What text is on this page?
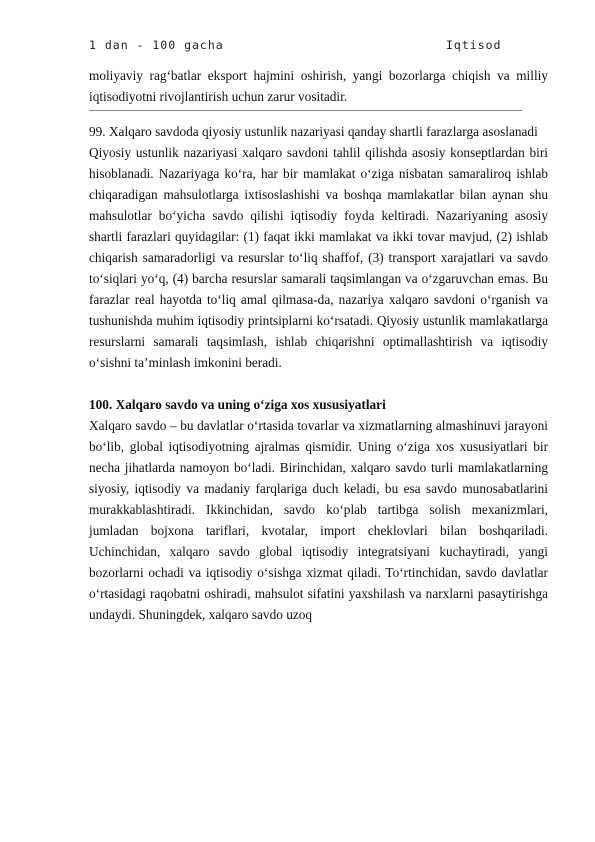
1 dan - 100 gacha	Iqtisod

moliyaviy rag‘batlar eksport hajmini oshirish, yangi bozorlarga chiqish va milliy iqtisodiyotni rivojlantirish uchun zarur vositadir.

99. Xalqaro savdoda qiyosiy ustunlik nazariyasi qanday shartli farazlarga asoslanadi

Qiyosiy ustunlik nazariyasi xalqaro savdoni tahlil qilishda asosiy konseptlardan biri hisoblanadi. Nazariyaga ko‘ra, har bir mamlakat o‘ziga nisbatan samaraliroq ishlab chiqaradigan mahsulotlarga ixtisoslashishi va boshqa mamlakatlar bilan aynan shu mahsulotlar bo‘yicha savdo qilishi iqtisodiy foyda keltiradi. Nazariyaning asosiy shartli farazlari quyidagilar: (1) faqat ikki mamlakat va ikki tovar mavjud, (2) ishlab chiqarish samaradorligi va resurslar to‘liq shaffof, (3) transport xarajatlari va savdo to‘siqlari yo‘q, (4) barcha resurslar samarali taqsimlangan va o‘zgaruvchan emas. Bu farazlar real hayotda to‘liq amal qilmasa-da, nazariya xalqaro savdoni o‘rganish va tushunishda muhim iqtisodiy printsiplarni ko‘rsatadi. Qiyosiy ustunlik mamlakatlarga resurslarni samarali taqsimlash, ishlab chiqarishni optimallashtirish va iqtisodiy o‘sishni ta’minlash imkonini beradi.

100. Xalqaro savdo va uning o‘ziga xos xususiyatlari

Xalqaro savdo – bu davlatlar o‘rtasida tovarlar va xizmatlarning almashinuvi jarayoni bo‘lib, global iqtisodiyotning ajralmas qismidir. Uning o‘ziga xos xususiyatlari bir necha jihatlarda namoyon bo‘ladi. Birinchidan, xalqaro savdo turli mamlakatlarning siyosiy, iqtisodiy va madaniy farqlariga duch keladi, bu esa savdo munosabatlarini murakkablashtiradi. Ikkinchidan, savdo ko‘plab tartibga solish mexanizmlari, jumladan bojxona tariflari, kvotalar, import cheklovlari bilan boshqariladi. Uchinchidan, xalqaro savdo global iqtisodiy integratsiyani kuchaytiradi, yangi bozorlarni ochadi va iqtisodiy o‘sishga xizmat qiladi. To‘rtinchidan, savdo davlatlar o‘rtasidagi raqobatni oshiradi, mahsulot sifatini yaxshilash va narxlarni pasaytirishga undaydi. Shuningdek, xalqaro savdo uzoq
